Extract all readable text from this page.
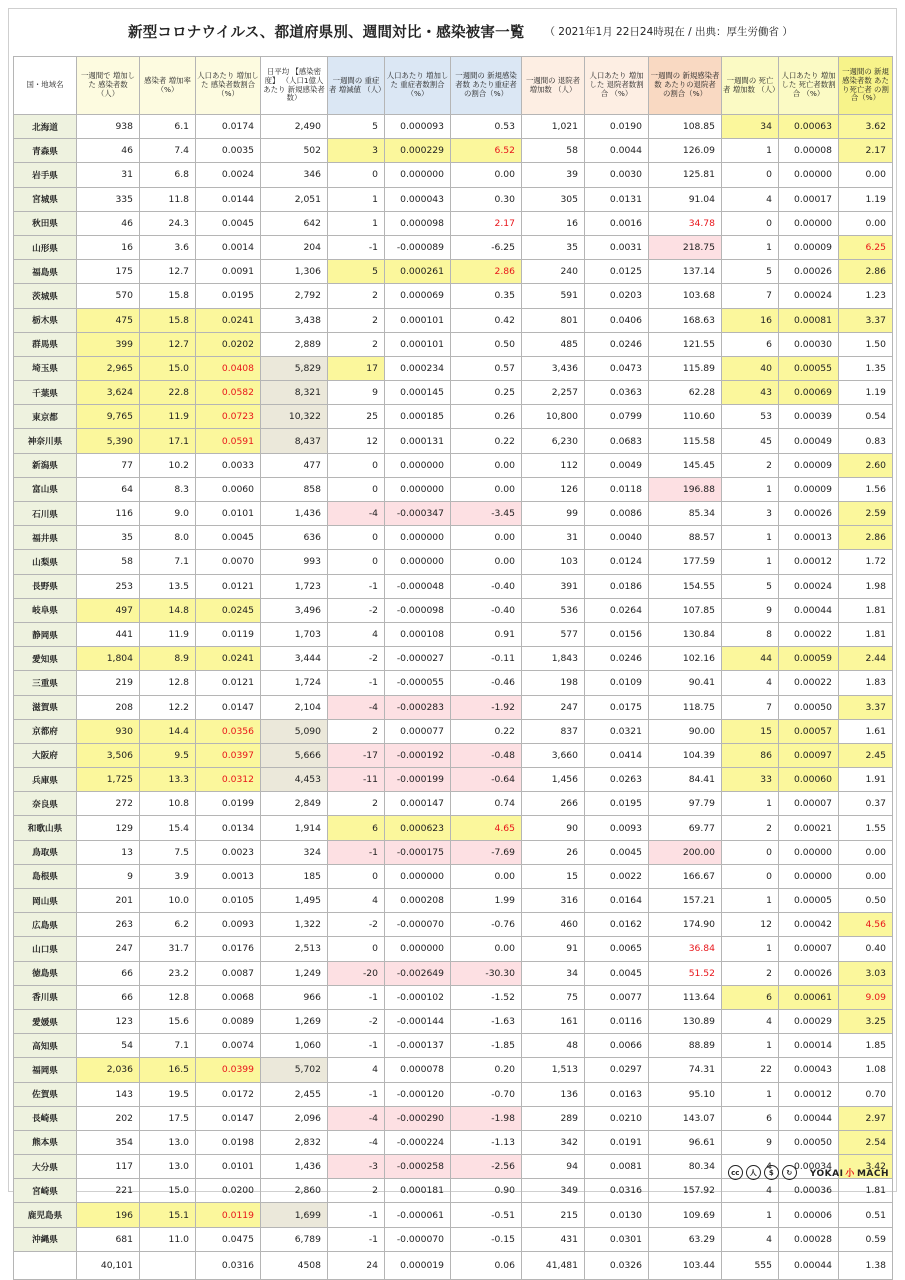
新型コロナウイルス、都道府県別、週間対比・感染被害一覧 （ 2021年1月 22日24時現在 / 出典：厚生労働省 ）
国・地域名	一週間で 増加した 感染者数 （人）	感染者 増加率 （%）	人口あたり 増加した 感染者数割合 （%）	日平均 【感染密度】 （人口1億人あたり 新規感染者数）	一週間の 重症者 増減値 （人）	人口あたり 増加した 重症者数割合 （%）	一週間の 新規感染者数 あたり重症者 の割合（%）	一週間の 退院者 増加数 （人）	人口あたり 増加した 退院者数割合 （%）	一週間の 新規感染者数 あたりの退院者 の割合（%）	一週間の 死亡者 増加数 （人）	人口あたり 増加した 死亡者数割合 （%）	一週間の 新規感染者数 あたり死亡者 の割合（%）
北海道	938	6.1	0.0174	2,490	5	0.000093	0.53	1,021	0.0190	108.85	34	0.00063	3.62
青森県	46	7.4	0.0035	502	3	0.000229	6.52	58	0.0044	126.09	1	0.00008	2.17
岩手県	31	6.8	0.0024	346	0	0.000000	0.00	39	0.0030	125.81	0	0.00000	0.00
宮城県	335	11.8	0.0144	2,051	1	0.000043	0.30	305	0.0131	91.04	4	0.00017	1.19
秋田県	46	24.3	0.0045	642	1	0.000098	2.17	16	0.0016	34.78	0	0.00000	0.00
山形県	16	3.6	0.0014	204	-1	-0.000089	-6.25	35	0.0031	218.75	1	0.00009	6.25
福島県	175	12.7	0.0091	1,306	5	0.000261	2.86	240	0.0125	137.14	5	0.00026	2.86
茨城県	570	15.8	0.0195	2,792	2	0.000069	0.35	591	0.0203	103.68	7	0.00024	1.23
栃木県	475	15.8	0.0241	3,438	2	0.000101	0.42	801	0.0406	168.63	16	0.00081	3.37
群馬県	399	12.7	0.0202	2,889	2	0.000101	0.50	485	0.0246	121.55	6	0.00030	1.50
埼玉県	2,965	15.0	0.0408	5,829	17	0.000234	0.57	3,436	0.0473	115.89	40	0.00055	1.35
千葉県	3,624	22.8	0.0582	8,321	9	0.000145	0.25	2,257	0.0363	62.28	43	0.00069	1.19
東京都	9,765	11.9	0.0723	10,322	25	0.000185	0.26	10,800	0.0799	110.60	53	0.00039	0.54
神奈川県	5,390	17.1	0.0591	8,437	12	0.000131	0.22	6,230	0.0683	115.58	45	0.00049	0.83
新潟県	77	10.2	0.0033	477	0	0.000000	0.00	112	0.0049	145.45	2	0.00009	2.60
富山県	64	8.3	0.0060	858	0	0.000000	0.00	126	0.0118	196.88	1	0.00009	1.56
石川県	116	9.0	0.0101	1,436	-4	-0.000347	-3.45	99	0.0086	85.34	3	0.00026	2.59
福井県	35	8.0	0.0045	636	0	0.000000	0.00	31	0.0040	88.57	1	0.00013	2.86
山梨県	58	7.1	0.0070	993	0	0.000000	0.00	103	0.0124	177.59	1	0.00012	1.72
長野県	253	13.5	0.0121	1,723	-1	-0.000048	-0.40	391	0.0186	154.55	5	0.00024	1.98
岐阜県	497	14.8	0.0245	3,496	-2	-0.000098	-0.40	536	0.0264	107.85	9	0.00044	1.81
静岡県	441	11.9	0.0119	1,703	4	0.000108	0.91	577	0.0156	130.84	8	0.00022	1.81
愛知県	1,804	8.9	0.0241	3,444	-2	-0.000027	-0.11	1,843	0.0246	102.16	44	0.00059	2.44
三重県	219	12.8	0.0121	1,724	-1	-0.000055	-0.46	198	0.0109	90.41	4	0.00022	1.83
滋賀県	208	12.2	0.0147	2,104	-4	-0.000283	-1.92	247	0.0175	118.75	7	0.00050	3.37
京都府	930	14.4	0.0356	5,090	2	0.000077	0.22	837	0.0321	90.00	15	0.00057	1.61
大阪府	3,506	9.5	0.0397	5,666	-17	-0.000192	-0.48	3,660	0.0414	104.39	86	0.00097	2.45
兵庫県	1,725	13.3	0.0312	4,453	-11	-0.000199	-0.64	1,456	0.0263	84.41	33	0.00060	1.91
奈良県	272	10.8	0.0199	2,849	2	0.000147	0.74	266	0.0195	97.79	1	0.00007	0.37
和歌山県	129	15.4	0.0134	1,914	6	0.000623	4.65	90	0.0093	69.77	2	0.00021	1.55
鳥取県	13	7.5	0.0023	324	-1	-0.000175	-7.69	26	0.0045	200.00	0	0.00000	0.00
島根県	9	3.9	0.0013	185	0	0.000000	0.00	15	0.0022	166.67	0	0.00000	0.00
岡山県	201	10.0	0.0105	1,495	4	0.000208	1.99	316	0.0164	157.21	1	0.00005	0.50
広島県	263	6.2	0.0093	1,322	-2	-0.000070	-0.76	460	0.0162	174.90	12	0.00042	4.56
山口県	247	31.7	0.0176	2,513	0	0.000000	0.00	91	0.0065	36.84	1	0.00007	0.40
徳島県	66	23.2	0.0087	1,249	-20	-0.002649	-30.30	34	0.0045	51.52	2	0.00026	3.03
香川県	66	12.8	0.0068	966	-1	-0.000102	-1.52	75	0.0077	113.64	6	0.00061	9.09
愛媛県	123	15.6	0.0089	1,269	-2	-0.000144	-1.63	161	0.0116	130.89	4	0.00029	3.25
高知県	54	7.1	0.0074	1,060	-1	-0.000137	-1.85	48	0.0066	88.89	1	0.00014	1.85
福岡県	2,036	16.5	0.0399	5,702	4	0.000078	0.20	1,513	0.0297	74.31	22	0.00043	1.08
佐賀県	143	19.5	0.0172	2,455	-1	-0.000120	-0.70	136	0.0163	95.10	1	0.00012	0.70
長崎県	202	17.5	0.0147	2,096	-4	-0.000290	-1.98	289	0.0210	143.07	6	0.00044	2.97
熊本県	354	13.0	0.0198	2,832	-4	-0.000224	-1.13	342	0.0191	96.61	9	0.00050	2.54
大分県	117	13.0	0.0101	1,436	-3	-0.000258	-2.56	94	0.0081	80.34	4	0.00034	3.42
宮崎県	221	15.0	0.0200	2,860	2	0.000181	0.90	349	0.0316	157.92	4	0.00036	1.81
鹿児島県	196	15.1	0.0119	1,699	-1	-0.000061	-0.51	215	0.0130	109.69	1	0.00006	0.51
沖縄県	681	11.0	0.0475	6,789	-1	-0.000070	-0.15	431	0.0301	63.29	4	0.00028	0.59
	40,101		0.0316	4508	24	0.000019	0.06	41,481	0.0326	103.44	555	0.00044	1.38
cc	人	$	↻	YOKAI 小 MACH
